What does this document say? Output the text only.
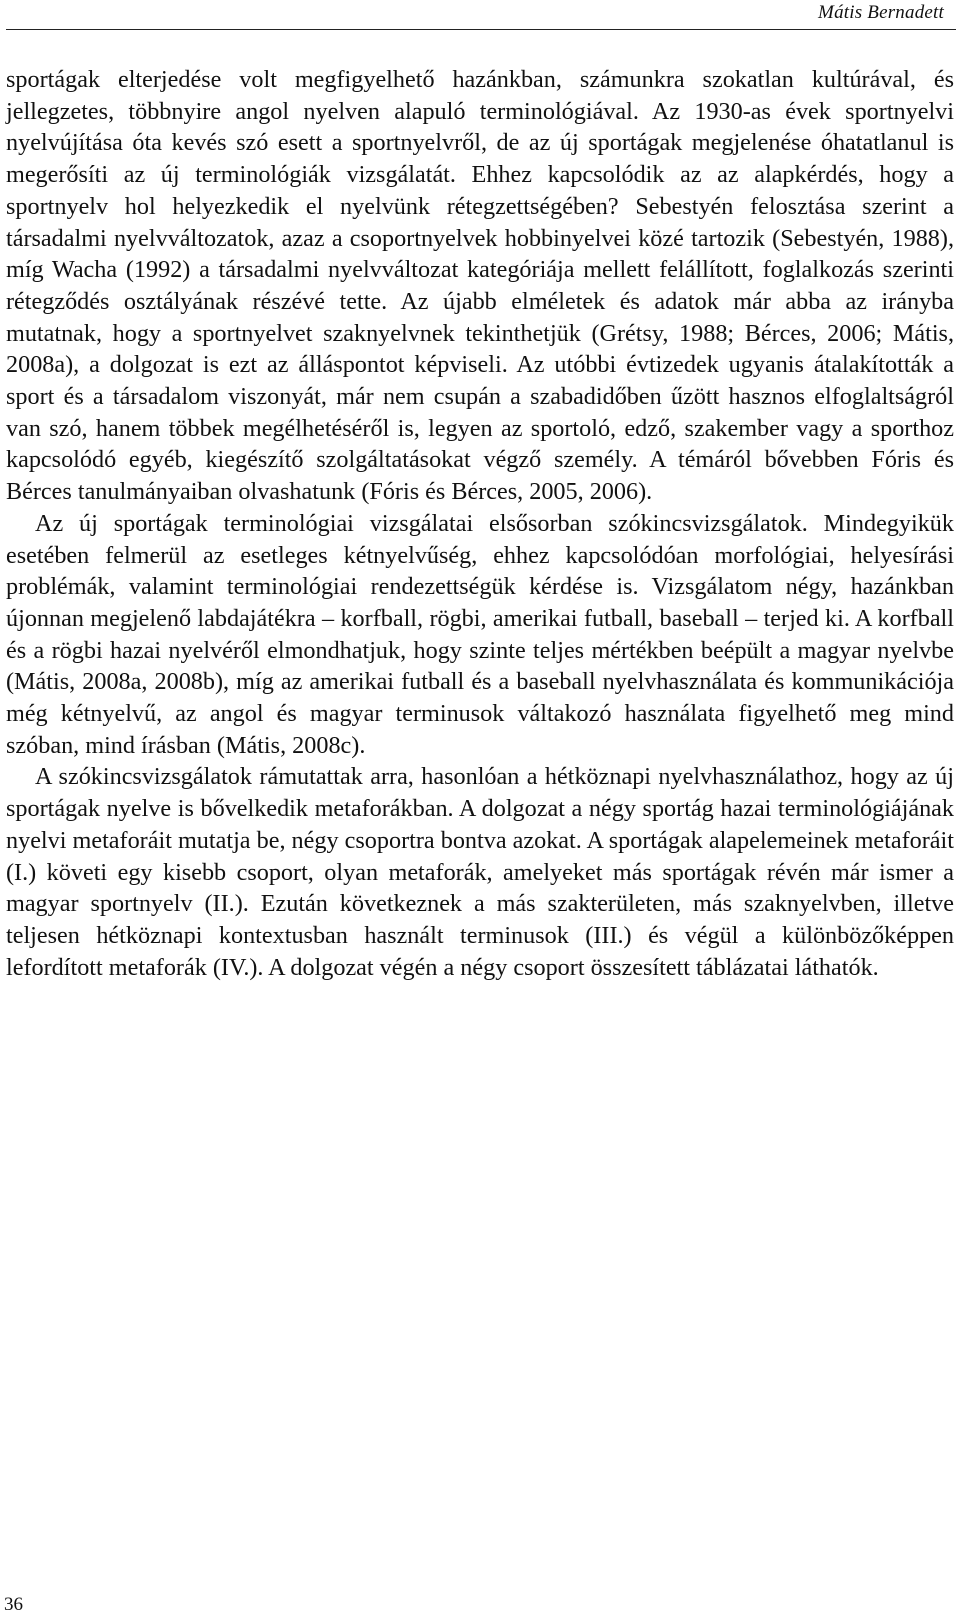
Mátis Bernadett

sportágak elterjedése volt megfigyelhető hazánkban, számunkra szokatlan kultúrával, és jellegzetes, többnyire angol nyelven alapuló terminológiával. Az 1930-as évek sportnyelvi nyelvújítása óta kevés szó esett a sportnyelvről, de az új sportágak megjelenése óhatatlanul is megerősíti az új terminológiák vizsgálatát. Ehhez kapcsolódik az az alapkérdés, hogy a sportnyelv hol helyezkedik el nyelvünk rétegzettségében? Sebestyén felosztása szerint a társadalmi nyelvváltozatok, azaz a csoportnyelvek hobbinyelvei közé tartozik (Sebestyén, 1988), míg Wacha (1992) a társadalmi nyelvváltozat kategóriája mellett felállított, foglalkozás szerinti rétegződés osztályának részévé tette. Az újabb elméletek és adatok már abba az irányba mutatnak, hogy a sportnyelvet szaknyelvnek tekinthetjük (Grétsy, 1988; Bérces, 2006; Mátis, 2008a), a dolgozat is ezt az álláspontot képviseli. Az utóbbi évtizedek ugyanis átalakították a sport és a társadalom viszonyát, már nem csupán a szabadidőben űzött hasznos elfoglaltságról van szó, hanem többek megélhetéséről is, legyen az sportoló, edző, szakember vagy a sporthoz kapcsolódó egyéb, kiegészítő szolgáltatásokat végző személy. A témáról bővebben Fóris és Bérces tanulmányaiban olvashatunk (Fóris és Bérces, 2005, 2006).

Az új sportágak terminológiai vizsgálatai elsősorban szókincsvizsgálatok. Mindegyikük esetében felmerül az esetleges kétnyelvűség, ehhez kapcsolódóan morfológiai, helyesírási problémák, valamint terminológiai rendezettségük kérdése is. Vizsgálatom négy, hazánkban újonnan megjelenő labdajátékra – korfball, rögbi, amerikai futball, baseball – terjed ki. A korfball és a rögbi hazai nyelvéről elmondhatjuk, hogy szinte teljes mértékben beépült a magyar nyelvbe (Mátis, 2008a, 2008b), míg az amerikai futball és a baseball nyelvhasználata és kommunikációja még kétnyelvű, az angol és magyar terminusok váltakozó használata figyelhető meg mind szóban, mind írásban (Mátis, 2008c).

A szókincsvizsgálatok rámutattak arra, hasonlóan a hétköznapi nyelvhasználathoz, hogy az új sportágak nyelve is bővelkedik metaforákban. A dolgozat a négy sportág hazai terminológiájának nyelvi metaforáit mutatja be, négy csoportra bontva azokat. A sportágak alapelemeinek metaforáit (I.) követi egy kisebb csoport, olyan metaforák, amelyeket más sportágak révén már ismer a magyar sportnyelv (II.). Ezután következnek a más szakterületen, más szaknyelvben, illetve teljesen hétköznapi kontextusban használt terminusok (III.) és végül a különbözőképpen lefordított metaforák (IV.). A dolgozat végén a négy csoport összesített táblázatai láthatók.

36
